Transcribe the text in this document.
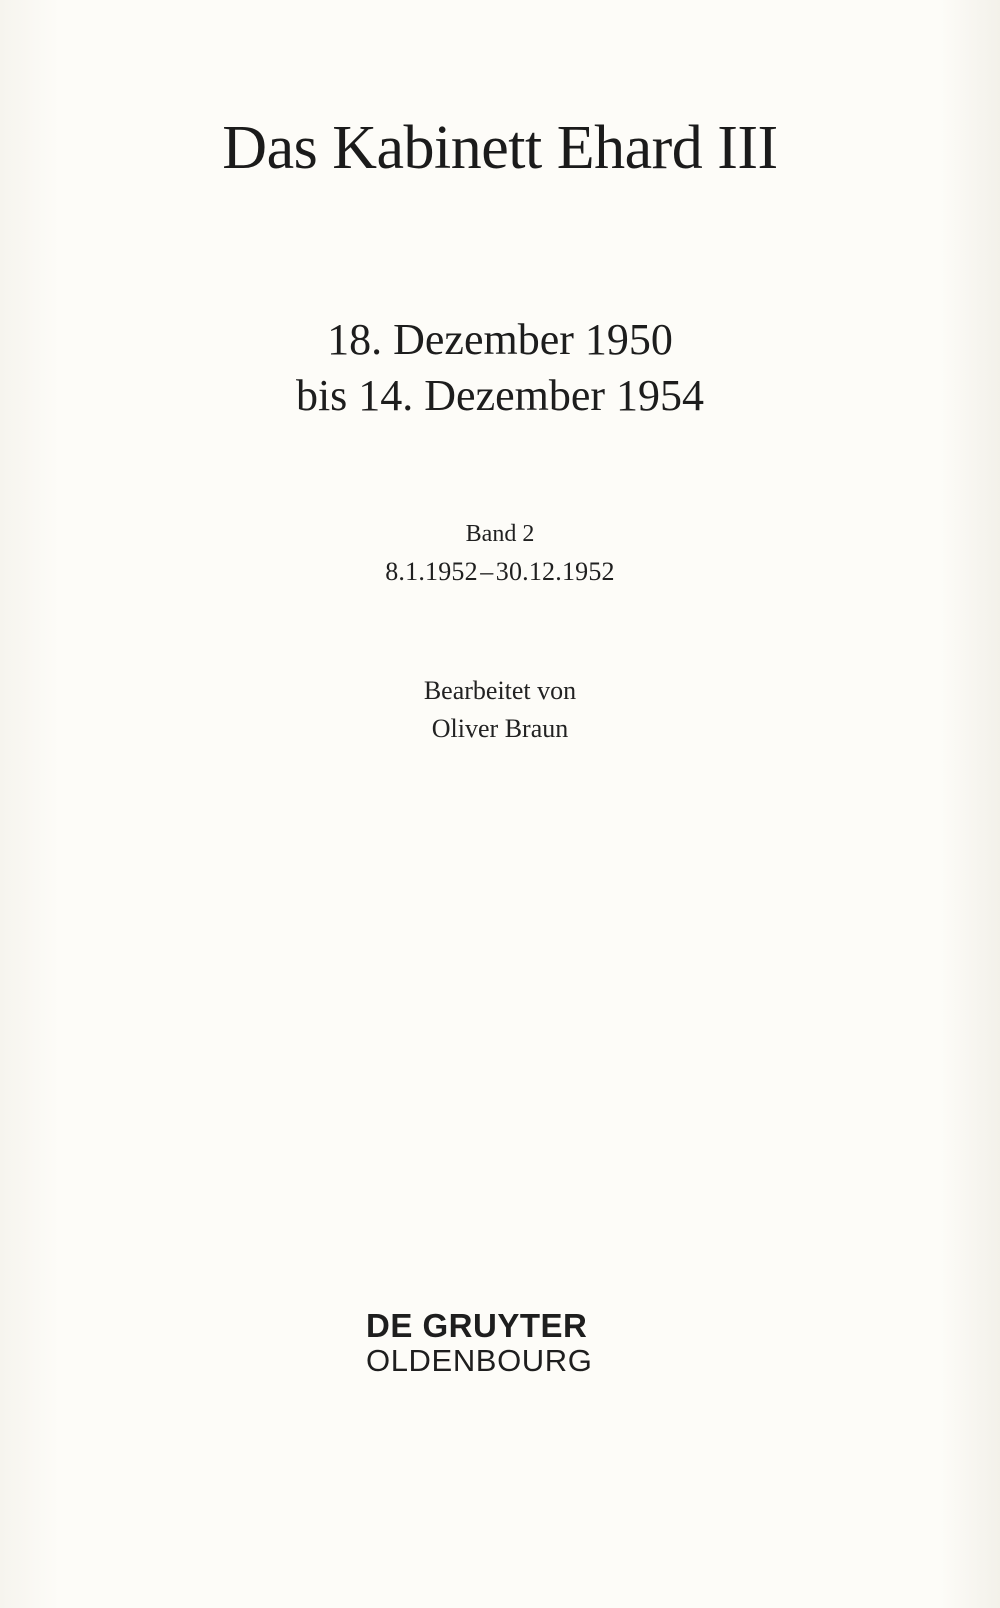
Das Kabinett Ehard III
18. Dezember 1950
bis 14. Dezember 1954
Band 2
8.1.1952 – 30.12.1952
Bearbeitet von
Oliver Braun
DE GRUYTER
OLDENBOURG
